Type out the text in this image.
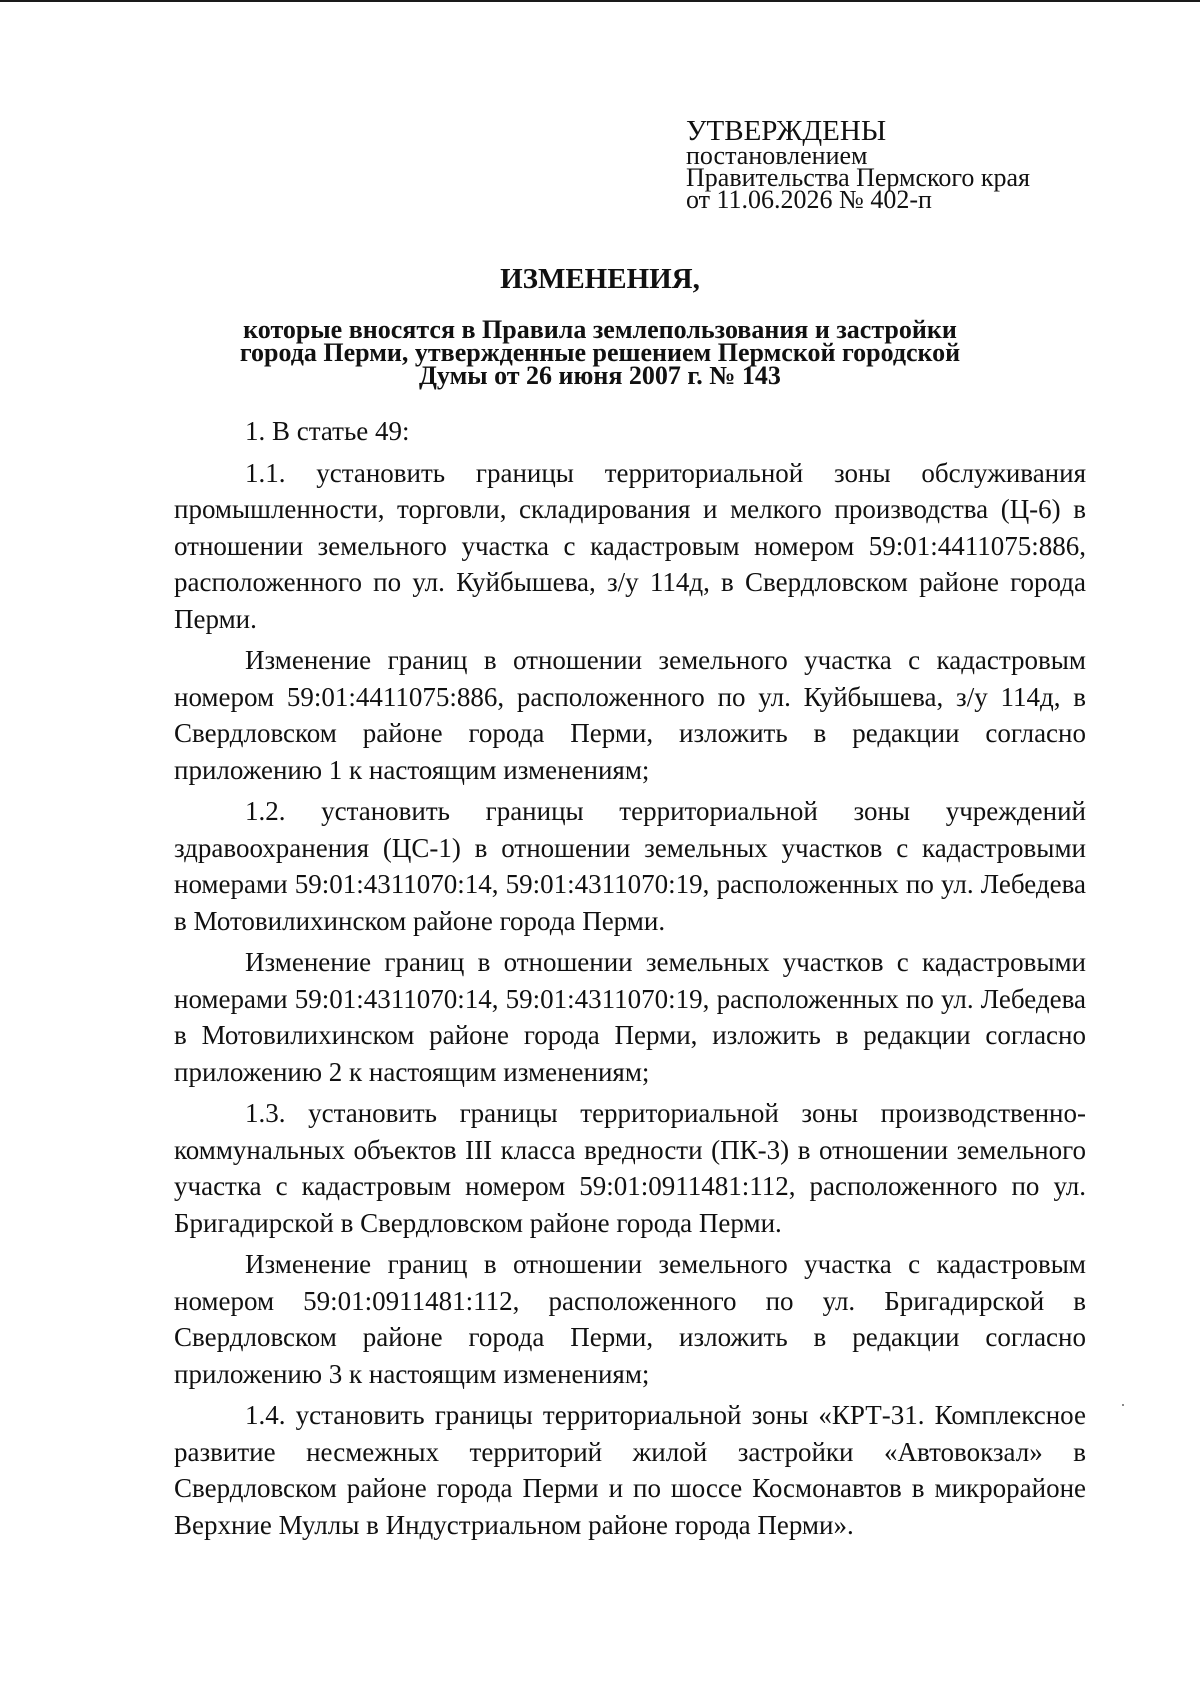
УТВЕРЖДЕНЫ
постановлением
Правительства Пермского края
от 11.06.2026 № 402-п
ИЗМЕНЕНИЯ,
которые вносятся в Правила землепользования и застройки
города Перми, утвержденные решением Пермской городской
Думы от 26 июня 2007 г. № 143

1. В статье 49:

1.1. установить границы территориальной зоны обслуживания промышленности, торговли, складирования и мелкого производства (Ц-6) в отношении земельного участка с кадастровым номером 59:01:4411075:886, расположенного по ул. Куйбышева, з/у 114д, в Свердловском районе города Перми.

Изменение границ в отношении земельного участка с кадастровым номером 59:01:4411075:886, расположенного по ул. Куйбышева, з/у 114д, в Свердловском районе города Перми, изложить в редакции согласно приложению 1 к настоящим изменениям;

1.2. установить границы территориальной зоны учреждений здравоохранения (ЦС-1) в отношении земельных участков с кадастровыми номерами 59:01:4311070:14, 59:01:4311070:19, расположенных по ул. Лебедева в Мотовилихинском районе города Перми.

Изменение границ в отношении земельных участков с кадастровыми номерами 59:01:4311070:14, 59:01:4311070:19, расположенных по ул. Лебедева в Мотовилихинском районе города Перми, изложить в редакции согласно приложению 2 к настоящим изменениям;

1.3. установить границы территориальной зоны производственно-коммунальных объектов III класса вредности (ПК-3) в отношении земельного участка с кадастровым номером 59:01:0911481:112, расположенного по ул. Бригадирской в Свердловском районе города Перми.

Изменение границ в отношении земельного участка с кадастровым номером 59:01:0911481:112, расположенного по ул. Бригадирской в Свердловском районе города Перми, изложить в редакции согласно приложению 3 к настоящим изменениям;

1.4. установить границы территориальной зоны «КРТ-31. Комплексное развитие несмежных территорий жилой застройки «Автовокзал» в Свердловском районе города Перми и по шоссе Космонавтов в микрорайоне Верхние Муллы в Индустриальном районе города Перми».
